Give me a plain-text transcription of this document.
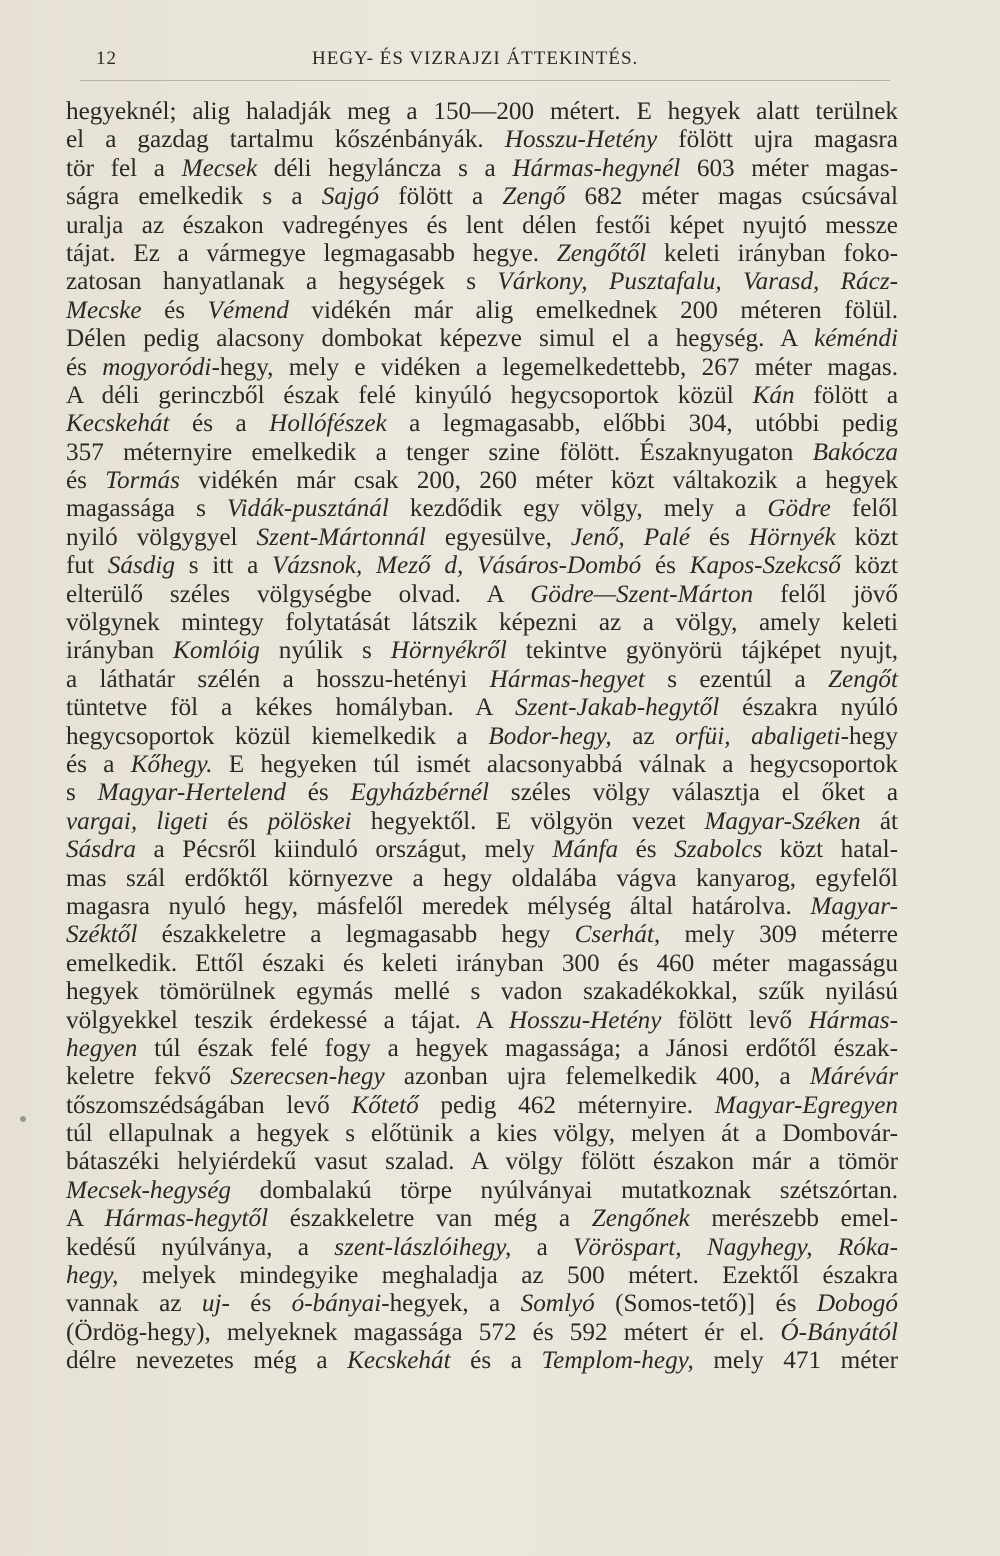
12	HEGY- ÉS VIZRAJZI ÁTTEKINTÉS.
hegyeknél; alig haladják meg a 150—200 métert. E hegyek alatt terülnek
el a gazdag tartalmu kőszénbányák. Hosszu-Hetény fölött ujra magasra
tör fel a Mecsek déli hegyláncza s a Hármas-hegynél 603 méter magas-
ságra emelkedik s a Sajgó fölött a Zengő 682 méter magas csúcsával
uralja az északon vadregényes és lent délen festői képet nyujtó messze
tájat. Ez a vármegye legmagasabb hegye. Zengőtől keleti irányban foko-
zatosan hanyatlanak a hegységek s Várkony, Pusztafalu, Varasd, Rácz-
Mecske és Vémend vidékén már alig emelkednek 200 méteren fölül.
Délen pedig alacsony dombokat képezve simul el a hegység. A kéméndi
és mogyoródi-hegy, mely e vidéken a legemelkedettebb, 267 méter magas.
A déli gerinczből észak felé kinyúló hegycsoportok közül Kán fölött a
Kecskehát és a Hollófészek a legmagasabb, előbbi 304, utóbbi pedig
357 méternyire emelkedik a tenger szine fölött. Északnyugaton Bakócza
és Tormás vidékén már csak 200, 260 méter közt váltakozik a hegyek
magassága s Vidák-pusztánál kezdődik egy völgy, mely a Gödre felől
nyiló völgygyel Szent-Mártonnál egyesülve, Jenő, Palé és Hörnyék közt
fut Sásdig s itt a Vázsnok, Mező d, Vásáros-Dombó és Kapos-Szekcső közt
elterülő széles völgységbe olvad. A Gödre—Szent-Márton felől jövő
völgynek mintegy folytatását látszik képezni az a völgy, amely keleti
irányban Komlóig nyúlik s Hörnyékről tekintve gyönyörü tájképet nyujt,
a láthatár szélén a hosszu-hetényi Hármas-hegyet s ezentúl a Zengőt
tüntetve föl a kékes homályban. A Szent-Jakab-hegytől északra nyúló
hegycsoportok közül kiemelkedik a Bodor-hegy, az orfüi, abaligeti-hegy
és a Kőhegy. E hegyeken túl ismét alacsonyabbá válnak a hegycsoportok
s Magyar-Hertelend és Egyházbérnél széles völgy választja el őket a
vargai, ligeti és pölöskei hegyektől. E völgyön vezet Magyar-Széken át
Sásdra a Pécsről kiinduló országut, mely Mánfa és Szabolcs közt hatal-
mas szál erdőktől környezve a hegy oldalába vágva kanyarog, egyfelől
magasra nyuló hegy, másfelől meredek mélység által határolva. Magyar-
Széktől északkeletre a legmagasabb hegy Cserhát, mely 309 méterre
emelkedik. Ettől északi és keleti irányban 300 és 460 méter magasságu
hegyek tömörülnek egymás mellé s vadon szakadékokkal, szűk nyilású
völgyekkel teszik érdekessé a tájat. A Hosszu-Hetény fölött levő Hármas-
hegyen túl észak felé fogy a hegyek magassága; a Jánosi erdőtől észak-
keletre fekvő Szerecsen-hegy azonban ujra felemelkedik 400, a Márévár
tőszomszédságában levő Kőtető pedig 462 méternyire. Magyar-Egregyen
túl ellapulnak a hegyek s előtünik a kies völgy, melyen át a Dombovár-
bátaszéki helyiérdekű vasut szalad. A völgy fölött északon már a tömör
Mecsek-hegység dombalakú törpe nyúlványai mutatkoznak szétszórtan.
A Hármas-hegytől északkeletre van még a Zengőnek merészebb emel-
kedésű nyúlványa, a szent-lászlóihegy, a Vöröspart, Nagyhegy, Róka-
hegy, melyek mindegyike meghaladja az 500 métert. Ezektől északra
vannak az uj- és ó-bányai-hegyek, a Somlyó (Somos-tető)] és Dobogó
(Ördög-hegy), melyeknek magassága 572 és 592 métert ér el. Ó-Bányától
délre nevezetes még a Kecskehát és a Templom-hegy, mely 471 méter
